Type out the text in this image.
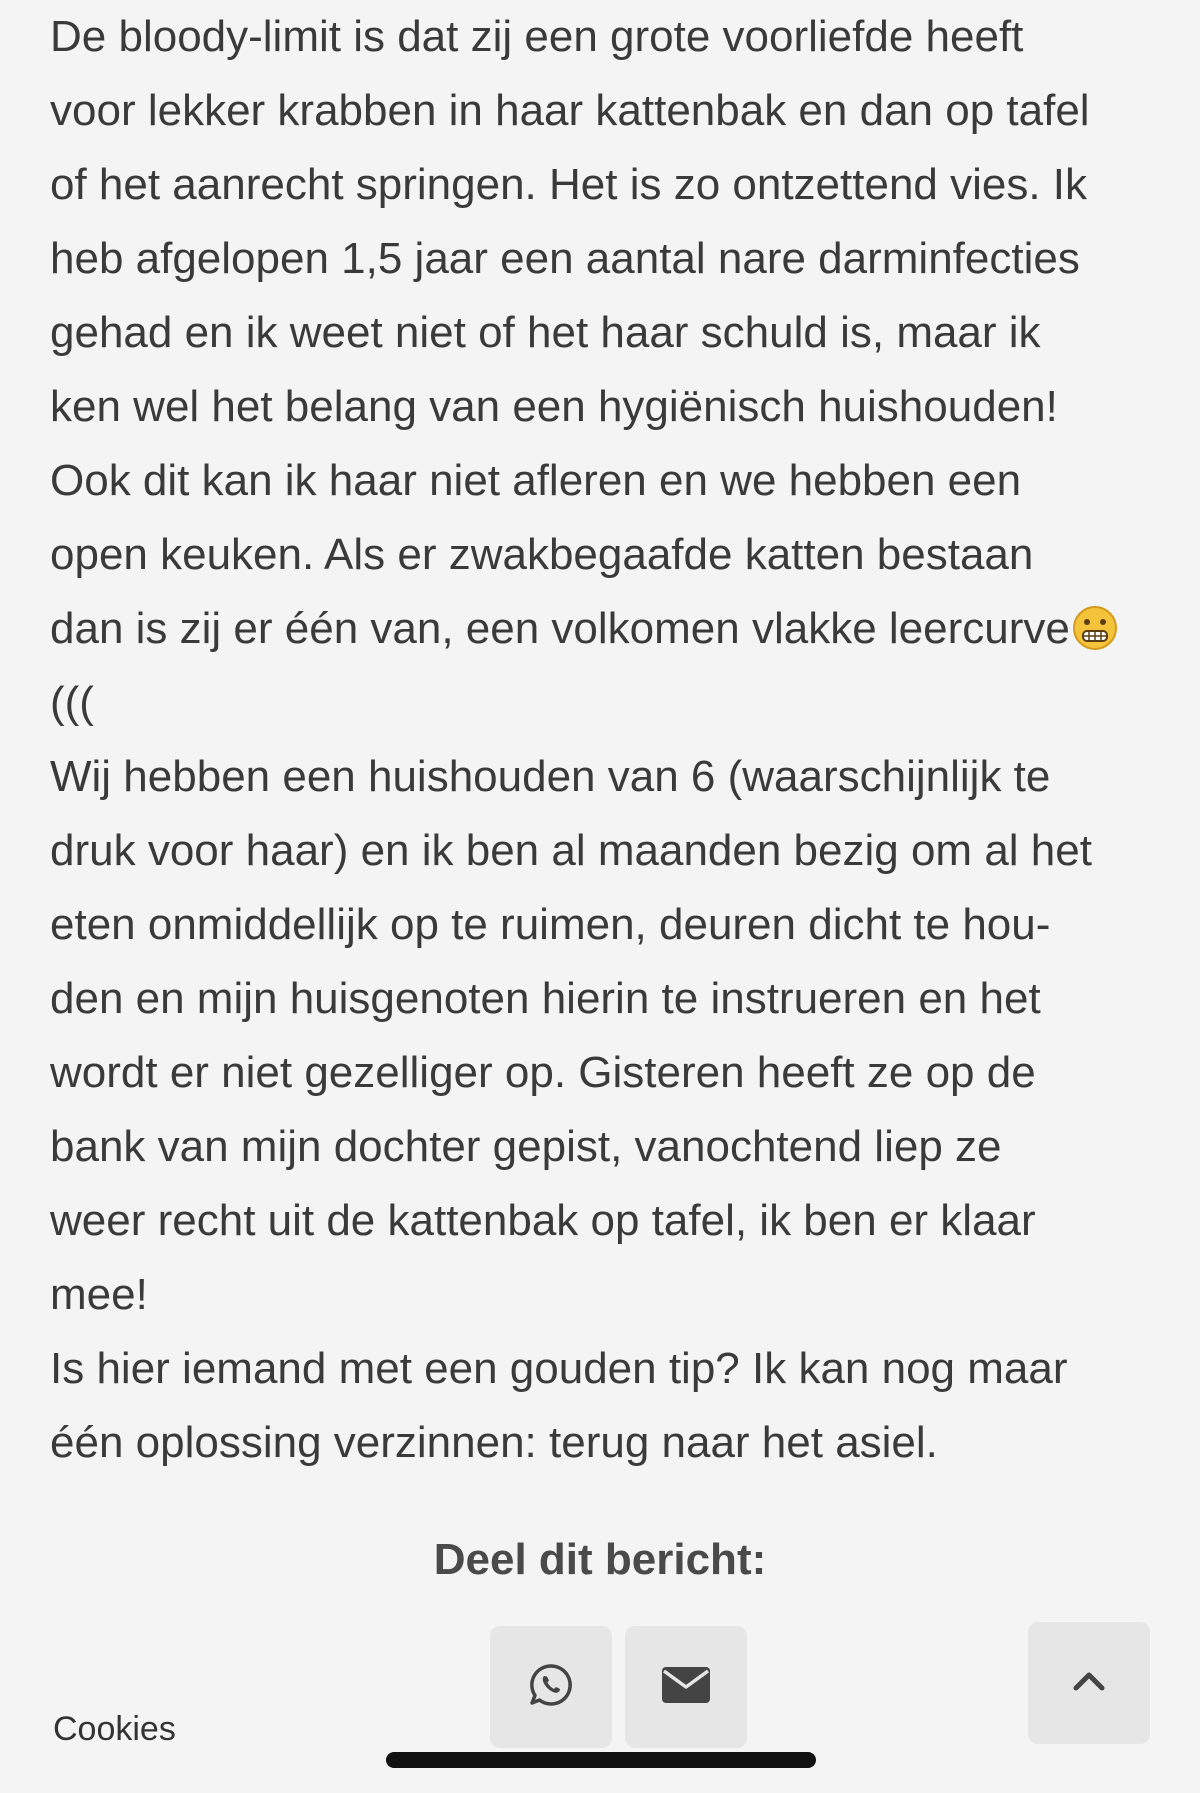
De bloody-limit is dat zij een grote voorliefde heeft

voor lekker krabben in haar kattenbak en dan op tafel

of het aanrecht springen. Het is zo ontzettend vies. Ik

heb afgelopen 1,5 jaar een aantal nare darminfecties

gehad en ik weet niet of het haar schuld is, maar ik

ken wel het belang van een hygiënisch huishouden!

Ook dit kan ik haar niet afleren en we hebben een

open keuken. Als er zwakbegaafde katten bestaan

dan is zij er één van, een volkomen vlakke leercurve

(((

Wij hebben een huishouden van 6 (waarschijnlijk te

druk voor haar) en ik ben al maanden bezig om al het

eten onmiddellijk op te ruimen, deuren dicht te hou-

den en mijn huisgenoten hierin te instrueren en het

wordt er niet gezelliger op. Gisteren heeft ze op de

bank van mijn dochter gepist, vanochtend liep ze

weer recht uit de kattenbak op tafel, ik ben er klaar

mee!

Is hier iemand met een gouden tip? Ik kan nog maar

één oplossing verzinnen: terug naar het asiel.

Deel dit bericht:
Cookies
